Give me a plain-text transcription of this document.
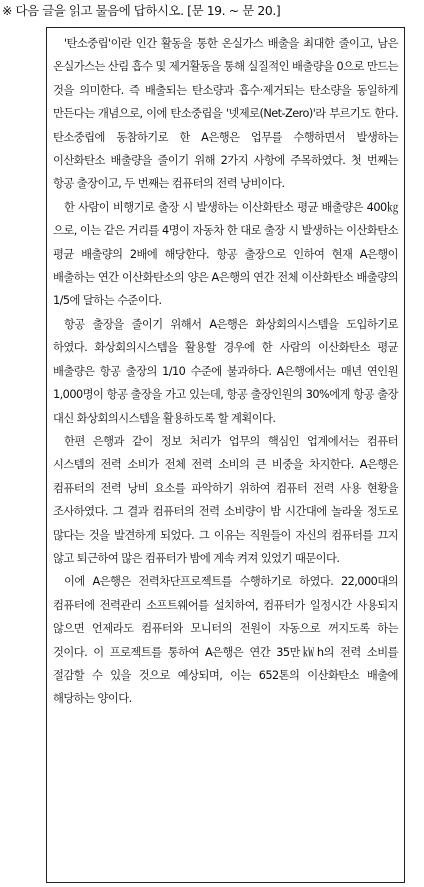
※ 다음 글을 읽고 물음에 답하시오. [문 19. ~ 문 20.]

'탄소중립'이란 인간 활동을 통한 온실가스 배출을 최대한 줄이고, 남은 온실가스는 산림 흡수 및 제거활동을 통해 실질적인 배출량을 0으로 만드는 것을 의미한다. 즉 배출되는 탄소량과 흡수·제거되는 탄소량을 동일하게 만든다는 개념으로, 이에 탄소중립을 '넷제로(Net-Zero)'라 부르기도 한다. 탄소중립에 동참하기로 한 A은행은 업무를 수행하면서 발생하는 이산화탄소 배출량을 줄이기 위해 2가지 사항에 주목하였다. 첫 번째는 항공 출장이고, 두 번째는 컴퓨터의 전력 낭비이다.

한 사람이 비행기로 출장 시 발생하는 이산화탄소 평균 배출량은 400㎏으로, 이는 같은 거리를 4명이 자동차 한 대로 출장 시 발생하는 이산화탄소 평균 배출량의 2배에 해당한다. 항공 출장으로 인하여 현재 A은행이 배출하는 연간 이산화탄소의 양은 A은행의 연간 전체 이산화탄소 배출량의 1/5에 달하는 수준이다.

항공 출장을 줄이기 위해서 A은행은 화상회의시스템을 도입하기로 하였다. 화상회의시스템을 활용할 경우에 한 사람의 이산화탄소 평균 배출량은 항공 출장의 1/10 수준에 불과하다. A은행에서는 매년 연인원 1,000명이 항공 출장을 가고 있는데, 항공 출장인원의 30%에게 항공 출장 대신 화상회의시스템을 활용하도록 할 계획이다.

한편 은행과 같이 정보 처리가 업무의 핵심인 업계에서는 컴퓨터 시스템의 전력 소비가 전체 전력 소비의 큰 비중을 차지한다. A은행은 컴퓨터의 전력 낭비 요소를 파악하기 위하여 컴퓨터 전력 사용 현황을 조사하였다. 그 결과 컴퓨터의 전력 소비량이 밤 시간대에 놀라울 정도로 많다는 것을 발견하게 되었다. 그 이유는 직원들이 자신의 컴퓨터를 끄지 않고 퇴근하여 많은 컴퓨터가 밤에 계속 켜져 있었기 때문이다.

이에 A은행은 전력차단프로젝트를 수행하기로 하였다. 22,000대의 컴퓨터에 전력관리 소프트웨어를 설치하여, 컴퓨터가 일정시간 사용되지 않으면 언제라도 컴퓨터와 모니터의 전원이 자동으로 꺼지도록 하는 것이다. 이 프로젝트를 통하여 A은행은 연간 35만㎾h의 전력 소비를 절감할 수 있을 것으로 예상되며, 이는 652톤의 이산화탄소 배출에 해당하는 양이다.
